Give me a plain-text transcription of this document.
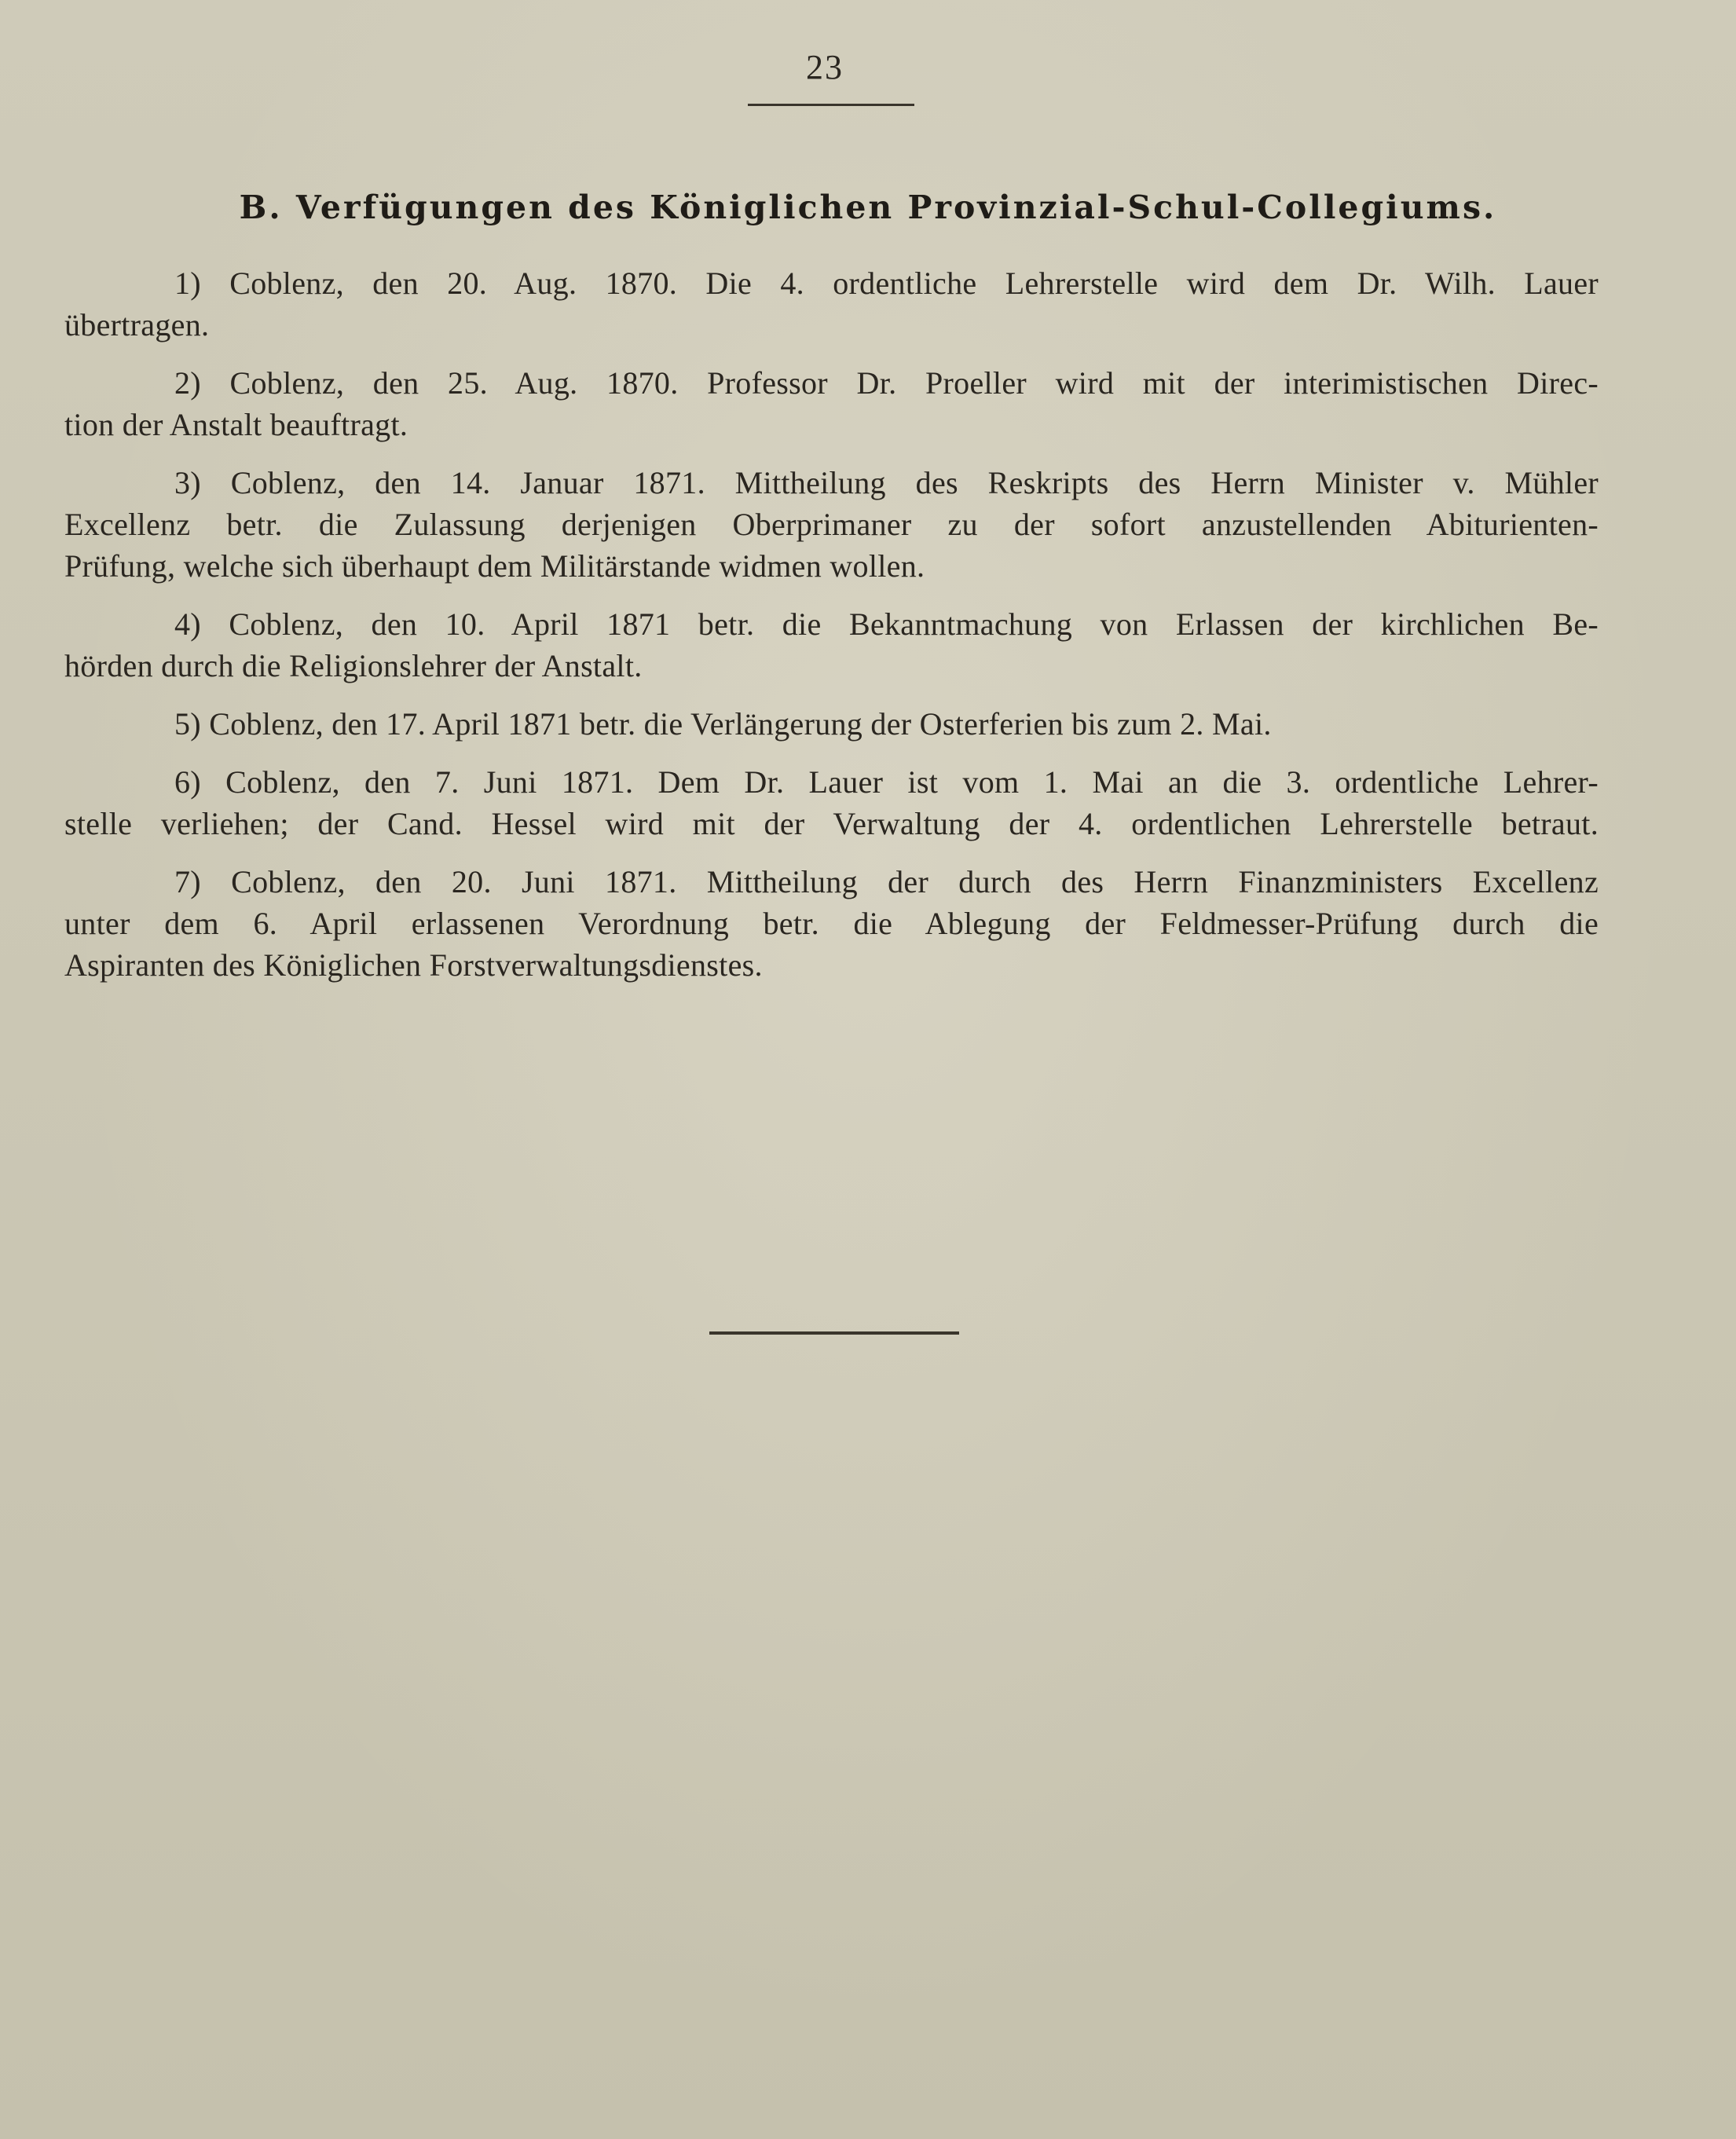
23
B. Verfügungen des Königlichen Provinzial-Schul-Collegiums.
1) Coblenz, den 20. Aug. 1870. Die 4. ordentliche Lehrerstelle wird dem Dr. Wilh. Lauer
übertragen.
2) Coblenz, den 25. Aug. 1870. Professor Dr. Proeller wird mit der interimistischen Direc-
tion der Anstalt beauftragt.
3) Coblenz, den 14. Januar 1871. Mittheilung des Reskripts des Herrn Minister v. Mühler
Excellenz betr. die Zulassung derjenigen Oberprimaner zu der sofort anzustellenden Abiturienten-
Prüfung, welche sich überhaupt dem Militärstande widmen wollen.
4) Coblenz, den 10. April 1871 betr. die Bekanntmachung von Erlassen der kirchlichen Be-
hörden durch die Religionslehrer der Anstalt.
5) Coblenz, den 17. April 1871 betr. die Verlängerung der Osterferien bis zum 2. Mai.
6) Coblenz, den 7. Juni 1871. Dem Dr. Lauer ist vom 1. Mai an die 3. ordentliche Lehrer-
stelle verliehen; der Cand. Hessel wird mit der Verwaltung der 4. ordentlichen Lehrerstelle betraut.
7) Coblenz, den 20. Juni 1871. Mittheilung der durch des Herrn Finanzministers Excellenz
unter dem 6. April erlassenen Verordnung betr. die Ablegung der Feldmesser-Prüfung durch die
Aspiranten des Königlichen Forstverwaltungsdienstes.
